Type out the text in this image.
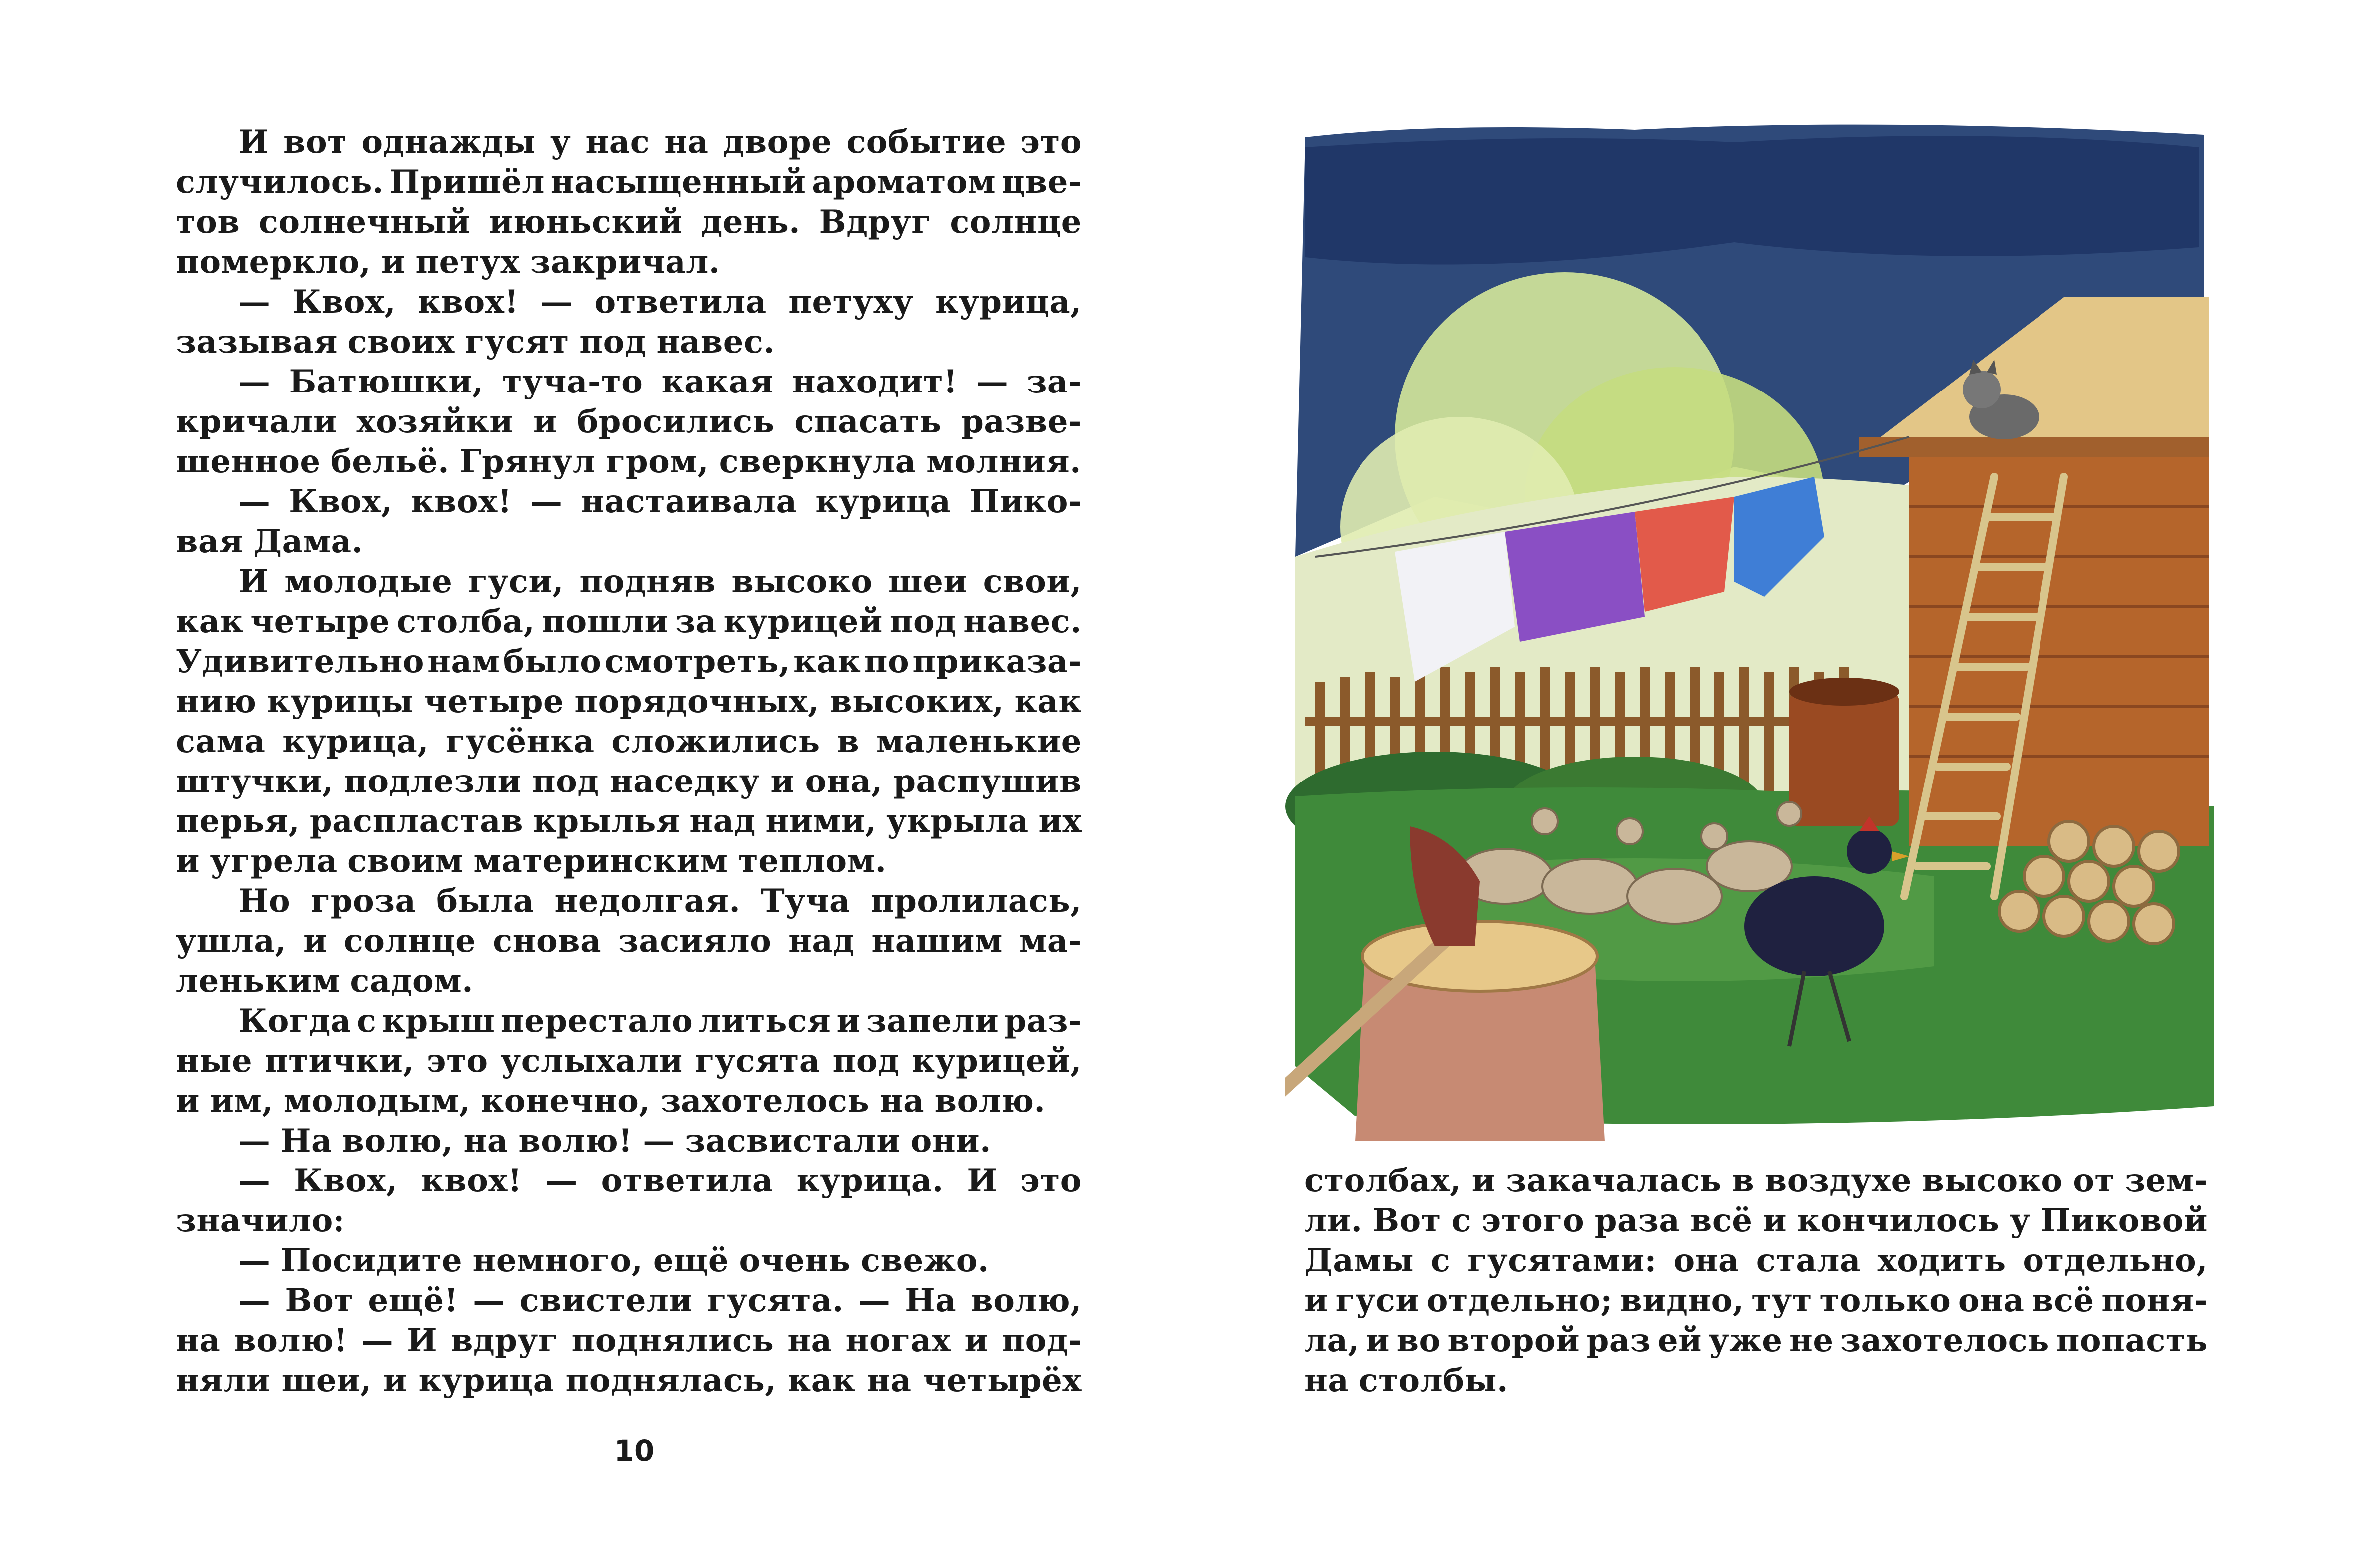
И вот однажды у нас на дворе событие это
случилось. Пришёл насыщенный ароматом цве-
тов солнечный июньский день. Вдруг солнце
померкло, и петух закричал.
— Квох, квох! — ответила петуху курица,
зазывая своих гусят под навес.
— Батюшки, туча-то какая находит! — за-
кричали хозяйки и бросились спасать разве-
шенное бельё. Грянул гром, сверкнула молния.
— Квох, квох! — настаивала курица Пико-
вая Дама.
И молодые гуси, подняв высоко шеи свои,
как четыре столба, пошли за курицей под навес.
Удивительно нам было смотреть, как по приказа-
нию курицы четыре порядочных, высоких, как
сама курица, гусёнка сложились в маленькие
штучки, подлезли под наседку и она, распушив
перья, распластав крылья над ними, укрыла их
и угрела своим материнским теплом.
Но гроза была недолгая. Туча пролилась,
ушла, и солнце снова засияло над нашим ма-
леньким садом.
Когда с крыш перестало литься и запели раз-
ные птички, это услыхали гусята под курицей,
и им, молодым, конечно, захотелось на волю.
— На волю, на волю! — засвистали они.
— Квох, квох! — ответила курица. И это
значило:
— Посидите немного, ещё очень свежо.
— Вот ещё! — свистели гусята. — На волю,
на волю! — И вдруг поднялись на ногах и под-
няли шеи, и курица поднялась, как на четырёх
10
столбах, и закачалась в воздухе высоко от зем-
ли. Вот с этого раза всё и кончилось у Пиковой
Дамы с гусятами: она стала ходить отдельно,
и гуси отдельно; видно, тут только она всё поня-
ла, и во второй раз ей уже не захотелось попасть
на столбы.
